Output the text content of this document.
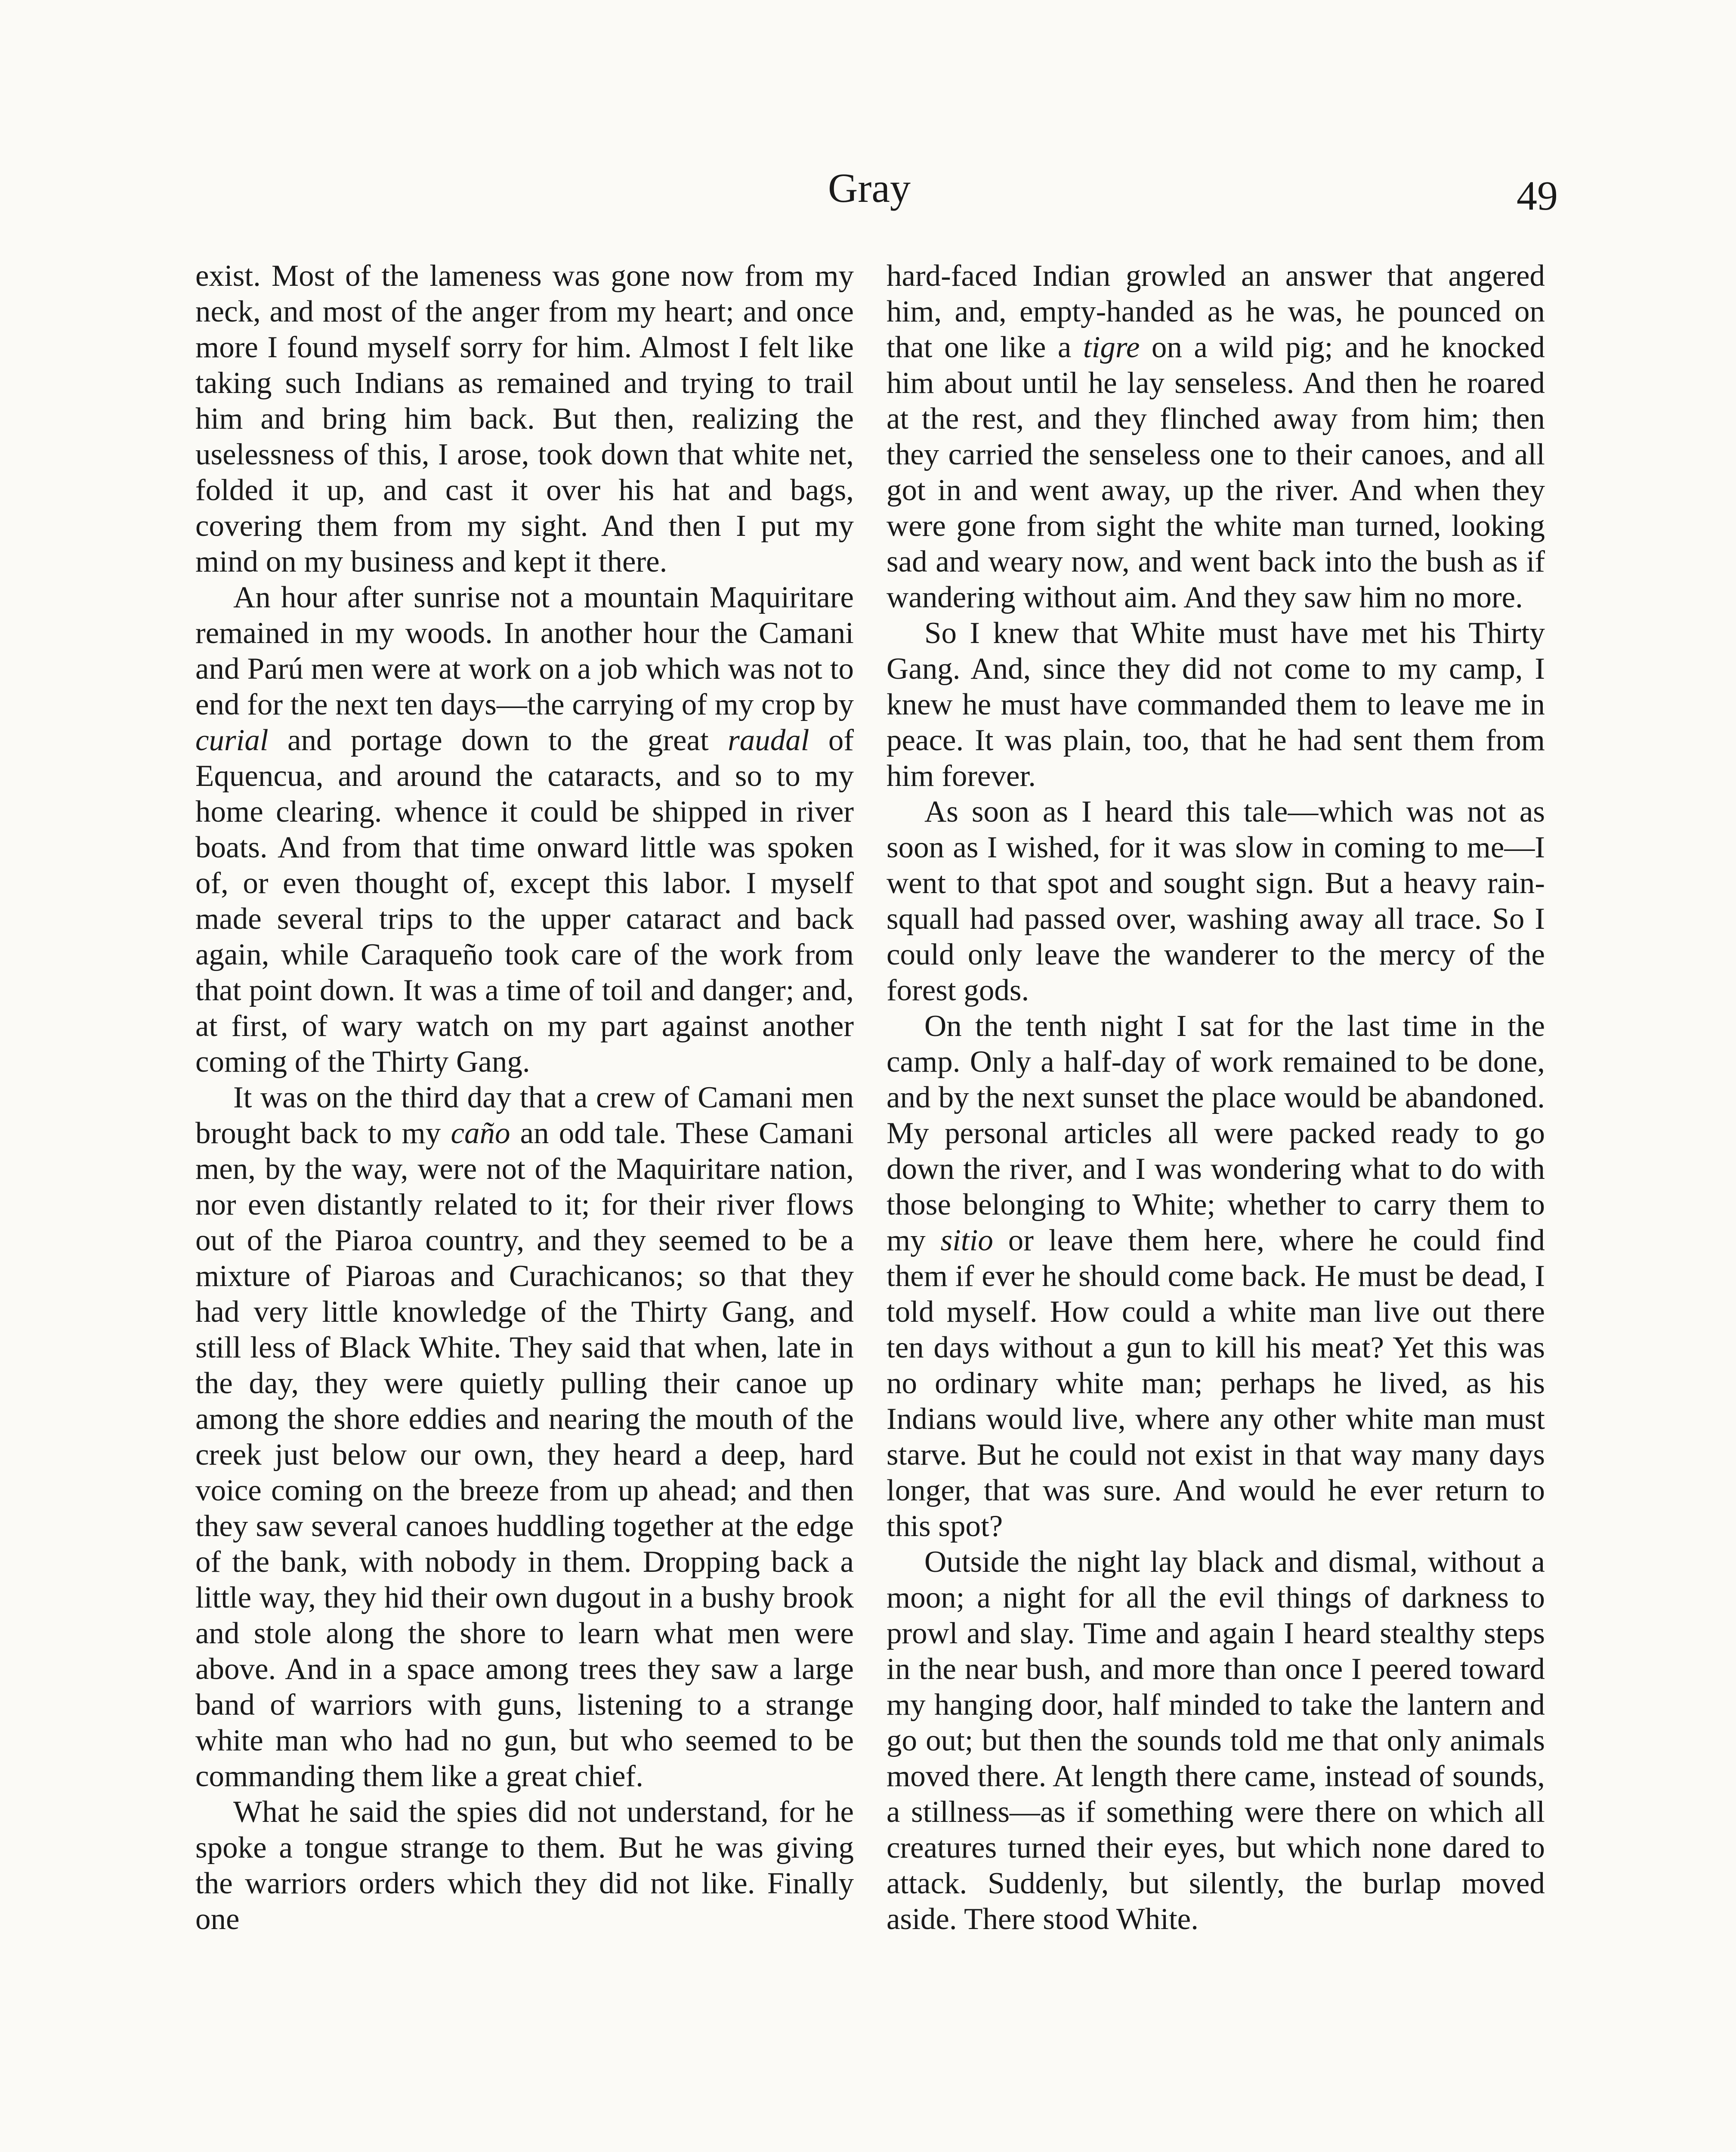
Gray	49

exist. Most of the lameness was gone now from my neck, and most of the anger from my heart; and once more I found myself sorry for him. Almost I felt like taking such Indians as remained and trying to trail him and bring him back. But then, realizing the uselessness of this, I arose, took down that white net, folded it up, and cast it over his hat and bags, covering them from my sight. And then I put my mind on my business and kept it there.

An hour after sunrise not a mountain Maquiritare remained in my woods. In another hour the Camani and Parú men were at work on a job which was not to end for the next ten days—the carrying of my crop by curial and portage down to the great raudal of Equencua, and around the cataracts, and so to my home clearing. whence it could be shipped in river boats. And from that time onward little was spoken of, or even thought of, except this labor. I myself made several trips to the upper cataract and back again, while Caraqueño took care of the work from that point down. It was a time of toil and danger; and, at first, of wary watch on my part against another coming of the Thirty Gang.

It was on the third day that a crew of Camani men brought back to my caño an odd tale. These Camani men, by the way, were not of the Maquiritare nation, nor even distantly related to it; for their river flows out of the Piaroa country, and they seemed to be a mixture of Piaroas and Curachicanos; so that they had very little knowledge of the Thirty Gang, and still less of Black White. They said that when, late in the day, they were quietly pulling their canoe up among the shore eddies and nearing the mouth of the creek just below our own, they heard a deep, hard voice coming on the breeze from up ahead; and then they saw several canoes huddling together at the edge of the bank, with nobody in them. Dropping back a little way, they hid their own dugout in a bushy brook and stole along the shore to learn what men were above. And in a space among trees they saw a large band of warriors with guns, listening to a strange white man who had no gun, but who seemed to be commanding them like a great chief.

What he said the spies did not understand, for he spoke a tongue strange to them. But he was giving the warriors orders which they did not like. Finally one

hard-faced Indian growled an answer that angered him, and, empty-handed as he was, he pounced on that one like a tigre on a wild pig; and he knocked him about until he lay senseless. And then he roared at the rest, and they flinched away from him; then they carried the senseless one to their canoes, and all got in and went away, up the river. And when they were gone from sight the white man turned, looking sad and weary now, and went back into the bush as if wandering without aim. And they saw him no more.

So I knew that White must have met his Thirty Gang. And, since they did not come to my camp, I knew he must have commanded them to leave me in peace. It was plain, too, that he had sent them from him forever.

As soon as I heard this tale—which was not as soon as I wished, for it was slow in coming to me—I went to that spot and sought sign. But a heavy rain-squall had passed over, washing away all trace. So I could only leave the wanderer to the mercy of the forest gods.

On the tenth night I sat for the last time in the camp. Only a half-day of work remained to be done, and by the next sunset the place would be abandoned. My personal articles all were packed ready to go down the river, and I was wondering what to do with those belonging to White; whether to carry them to my sitio or leave them here, where he could find them if ever he should come back. He must be dead, I told myself. How could a white man live out there ten days without a gun to kill his meat? Yet this was no ordinary white man; perhaps he lived, as his Indians would live, where any other white man must starve. But he could not exist in that way many days longer, that was sure. And would he ever return to this spot?

Outside the night lay black and dismal, without a moon; a night for all the evil things of darkness to prowl and slay. Time and again I heard stealthy steps in the near bush, and more than once I peered toward my hanging door, half minded to take the lantern and go out; but then the sounds told me that only animals moved there. At length there came, instead of sounds, a stillness—as if something were there on which all creatures turned their eyes, but which none dared to attack. Suddenly, but silently, the burlap moved aside. There stood White.
